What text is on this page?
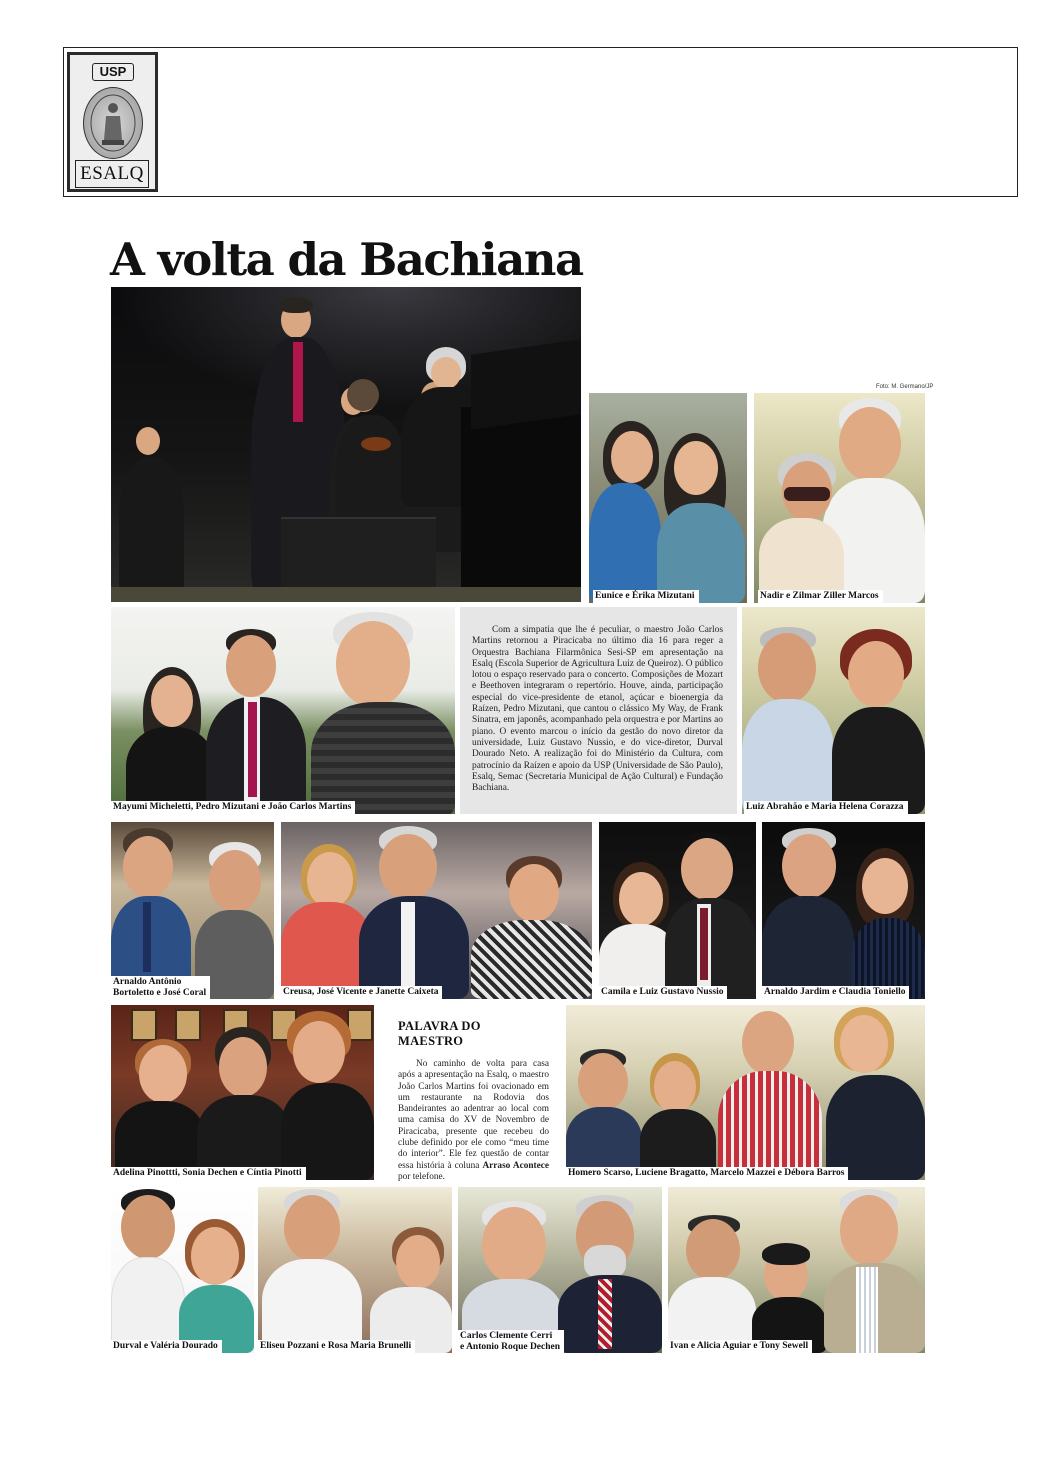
USP
ESALQ
A volta da Bachiana
Foto: M. Germano/JP
Eunice e Érika Mizutani	Nadir e Zilmar Ziller Marcos
Mayumi Micheletti, Pedro Mizutani e João Carlos Martins
Com a simpatia que lhe é peculiar, o maestro João Carlos Martins retornou a Piracicaba no último dia 16 para reger a Orquestra Bachiana Filarmônica Sesi-SP em apresentação na Esalq (Escola Superior de Agricultura Luiz de Queiroz). O público lotou o espaço reservado para o concerto. Composições de Mozart e Beethoven integraram o repertório. Houve, ainda, participação especial do vice-presidente de etanol, açúcar e bioenergia da Raízen, Pedro Mizutani, que cantou o clássico My Way, de Frank Sinatra, em japonês, acompanhado pela orquestra e por Martins ao piano. O evento marcou o início da gestão do novo diretor da universidade, Luiz Gustavo Nussio, e do vice-diretor, Durval Dourado Neto. A realização foi do Ministério da Cultura, com patrocínio da Raízen e apoio da USP (Universidade de São Paulo), Esalq, Semac (Secretaria Municipal de Ação Cultural) e Fundação Bachiana.
Luiz Abrahão e Maria Helena Corazza
Arnaldo Antônio
Bortoletto e José Coral	Creusa, José Vicente e Janette Caixeta	Camila e Luiz Gustavo Nussio	Arnaldo Jardim e Claudia Toniello
Adelina Pinottti, Sonia Dechen e Cíntia Pinotti

PALAVRA DO MAESTRO

No caminho de volta para casa após a apresentação na Esalq, o maestro João Carlos Martins foi ovacionado em um restaurante na Rodovia dos Bandeirantes ao adentrar ao local com uma camisa do XV de Novembro de Piracicaba, presente que recebeu do clube definido por ele como “meu time do interior”. Ele fez questão de contar essa história à coluna Arraso Acontece por telefone.	Homero Scarso, Luciene Bragatto, Marcelo Mazzei e Débora Barros
Durval e Valéria Dourado	Eliseu Pozzani e Rosa Maria Brunelli
Carlos Clemente Cerri
e Antonio Roque Dechen	Ivan e Alicia Aguiar e Tony Sewell
